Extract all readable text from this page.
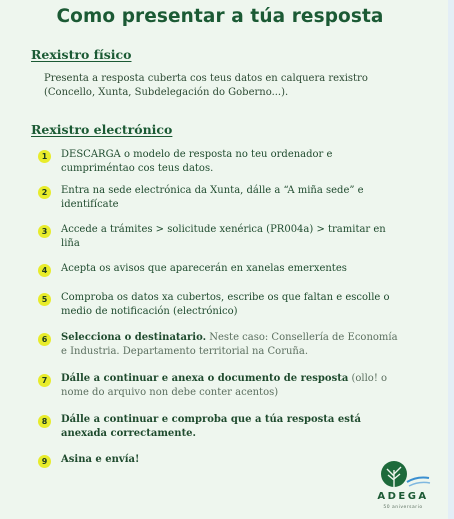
Como presentar a túa resposta
Rexistro físico
Presenta a resposta cuberta cos teus datos en calquera rexistro (Concello, Xunta, Subdelegación do Goberno...).
Rexistro electrónico
1	DESCARGA o modelo de resposta no teu ordenador e cumpriméntao cos teus datos.
2	Entra na sede electrónica da Xunta, dálle a “A miña sede” e identifícate
3	Accede a trámites > solicitude xenérica (PR004a) > tramitar en liña
4	Acepta os avisos que aparecerán en xanelas emerxentes
5	Comproba os datos xa cubertos, escribe os que faltan e escolle o medio de notificación (electrónico)
6	Selecciona o destinatario. Neste caso: Consellería de Economía e Industria. Departamento territorial na Coruña.
7	Dálle a continuar e anexa o documento de resposta (ollo! o nome do arquivo non debe conter acentos)
8	Dálle a continuar e comproba que a túa resposta está anexada correctamente.
9	Asina e envía!
ADEGA
50 aniversario
